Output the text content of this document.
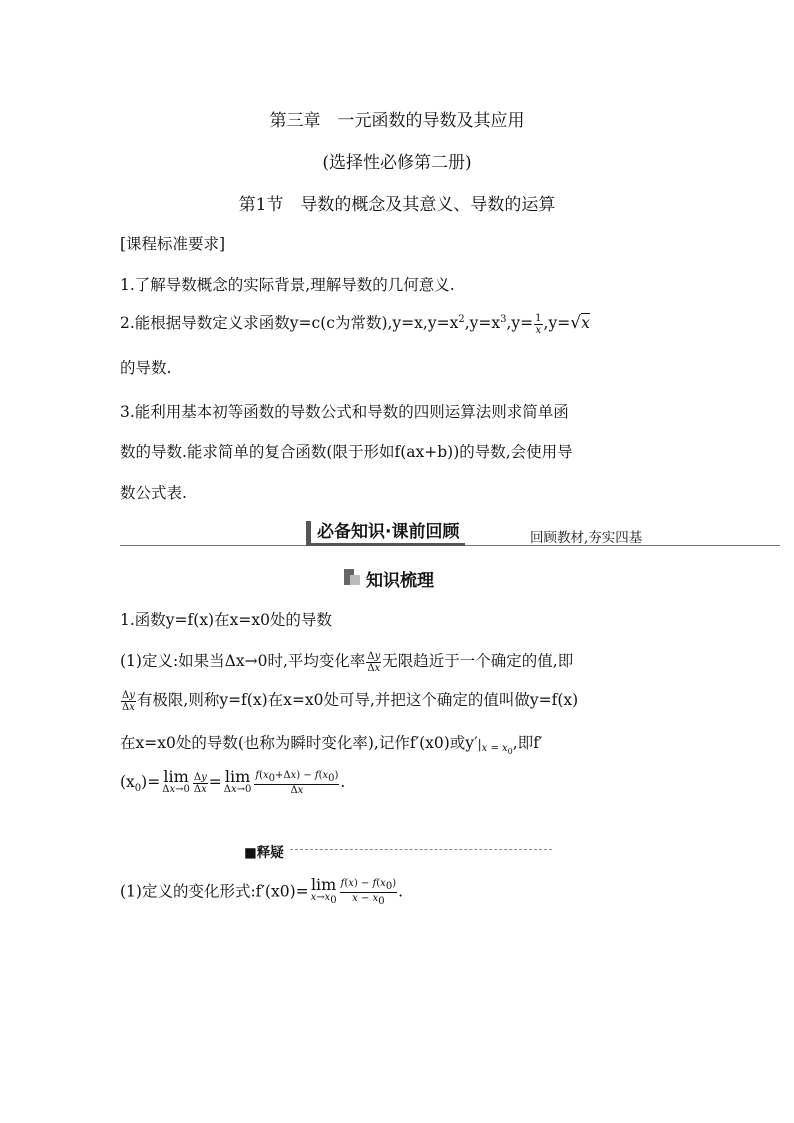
第三章　一元函数的导数及其应用
(选择性必修第二册)
第1节　导数的概念及其意义、导数的运算
[课程标准要求]
1.了解导数概念的实际背景,理解导数的几何意义.
2.能根据导数定义求函数y=c(c为常数)$,y=x,y=x^2,y=x^3,y= \frac{1}{x} ,y=√x$
的导数.
3.能利用基本初等函数的导数公式和导数的四则运算法则求简单函
数的导数.能求简单的复合函数(限于形如f(ax+b))的导数,会使用导
数公式表.
必备知识·课前回顾	回顾教材,夯实四基
知识梳理
1.函数y=f(x)在x=x0处的导数
(1)定义:如果当Δx→0时,平均变化率 $\frac{\Delta y}{\Delta x}$ 无限趋近于一个确定的值,即
$\frac{\Delta y}{\Delta x}$ 有极限,则称y=f(x)在x=x0处可导,并把这个确定的值叫做y=f(x)
在x=x0处的导数(也称为瞬时变化率),记作f′(x0)或$y'|_{x = x_0}$,即f′
$(x_0)= \lim$
$\Delta x\to 0 \frac{\Delta y}{\Delta x} = \lim$
$\Delta x\to 0 \frac{f(x_0+\Delta x) - f(x_0)}{\Delta x}$ .
■释疑
(1)定义的变化形式:f′(x0)= lim
$x\to x_0 \frac{f(x) - f(x_0)}{x - x_0}$ .
